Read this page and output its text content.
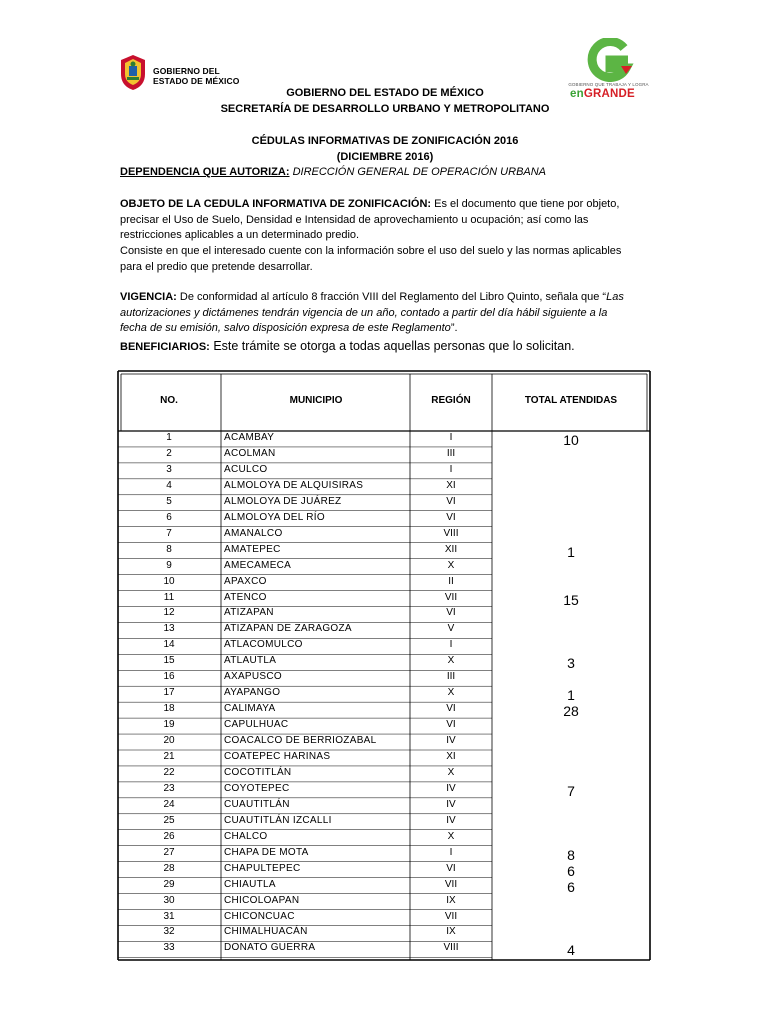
GOBIERNO DEL
ESTADO DE MÉXICO	GOBIERNO QUE TRABAJA Y LOGRA
enGRANDE
GOBIERNO DEL ESTADO DE MÉXICO
SECRETARÍA DE DESARROLLO URBANO Y METROPOLITANO
CÉDULAS INFORMATIVAS DE ZONIFICACIÓN 2016
(DICIEMBRE 2016)
DEPENDENCIA QUE AUTORIZA: DIRECCIÓN GENERAL DE OPERACIÓN URBANA
OBJETO DE LA CEDULA INFORMATIVA DE ZONIFICACIÓN: Es el documento que tiene por objeto,
precisar el Uso de Suelo, Densidad e Intensidad de aprovechamiento u ocupación; así como las
restricciones aplicables a un determinado predio.
Consiste en que el interesado cuente con la información sobre el uso del suelo y las normas aplicables
para el predio que pretende desarrollar.
VIGENCIA: De conformidad al artículo 8 fracción VIII del Reglamento del Libro Quinto, señala que “Las
autorizaciones y dictámenes tendrán vigencia de un año, contado a partir del día hábil siguiente a la
fecha de su emisión, salvo disposición expresa de este Reglamento”.
BENEFICIARIOS: Este trámite se otorga a todas aquellas personas que lo solicitan.
NO.	MUNICIPIO	REGIÓN	TOTAL ATENDIDAS
1	ACAMBAY	I	10
2	ACOLMAN	III
3	ACULCO	I
4	ALMOLOYA DE ALQUISIRAS	XI
5	ALMOLOYA DE JUÁREZ	VI
6	ALMOLOYA DEL RÍO	VI
7	AMANALCO	VIII
8	AMATEPEC	XII	1
9	AMECAMECA	X
10	APAXCO	II
11	ATENCO	VII	15
12	ATIZAPAN	VI
13	ATIZAPAN DE ZARAGOZA	V
14	ATLACOMULCO	I
15	ATLAUTLA	X	3
16	AXAPUSCO	III
17	AYAPANGO	X	1
18	CALIMAYA	VI	28
19	CAPULHUAC	VI
20	COACALCO DE BERRIOZABAL	IV
21	COATEPEC HARINAS	XI
22	COCOTITLÁN	X
23	COYOTEPEC	IV	7
24	CUAUTITLÁN	IV
25	CUAUTITLÁN IZCALLI	IV
26	CHALCO	X
27	CHAPA DE MOTA	I	8
28	CHAPULTEPEC	VI	6
29	CHIAUTLA	VII	6
30	CHICOLOAPAN	IX
31	CHICONCUAC	VII
32	CHIMALHUACÁN	IX
33	DONATO GUERRA	VIII	4
